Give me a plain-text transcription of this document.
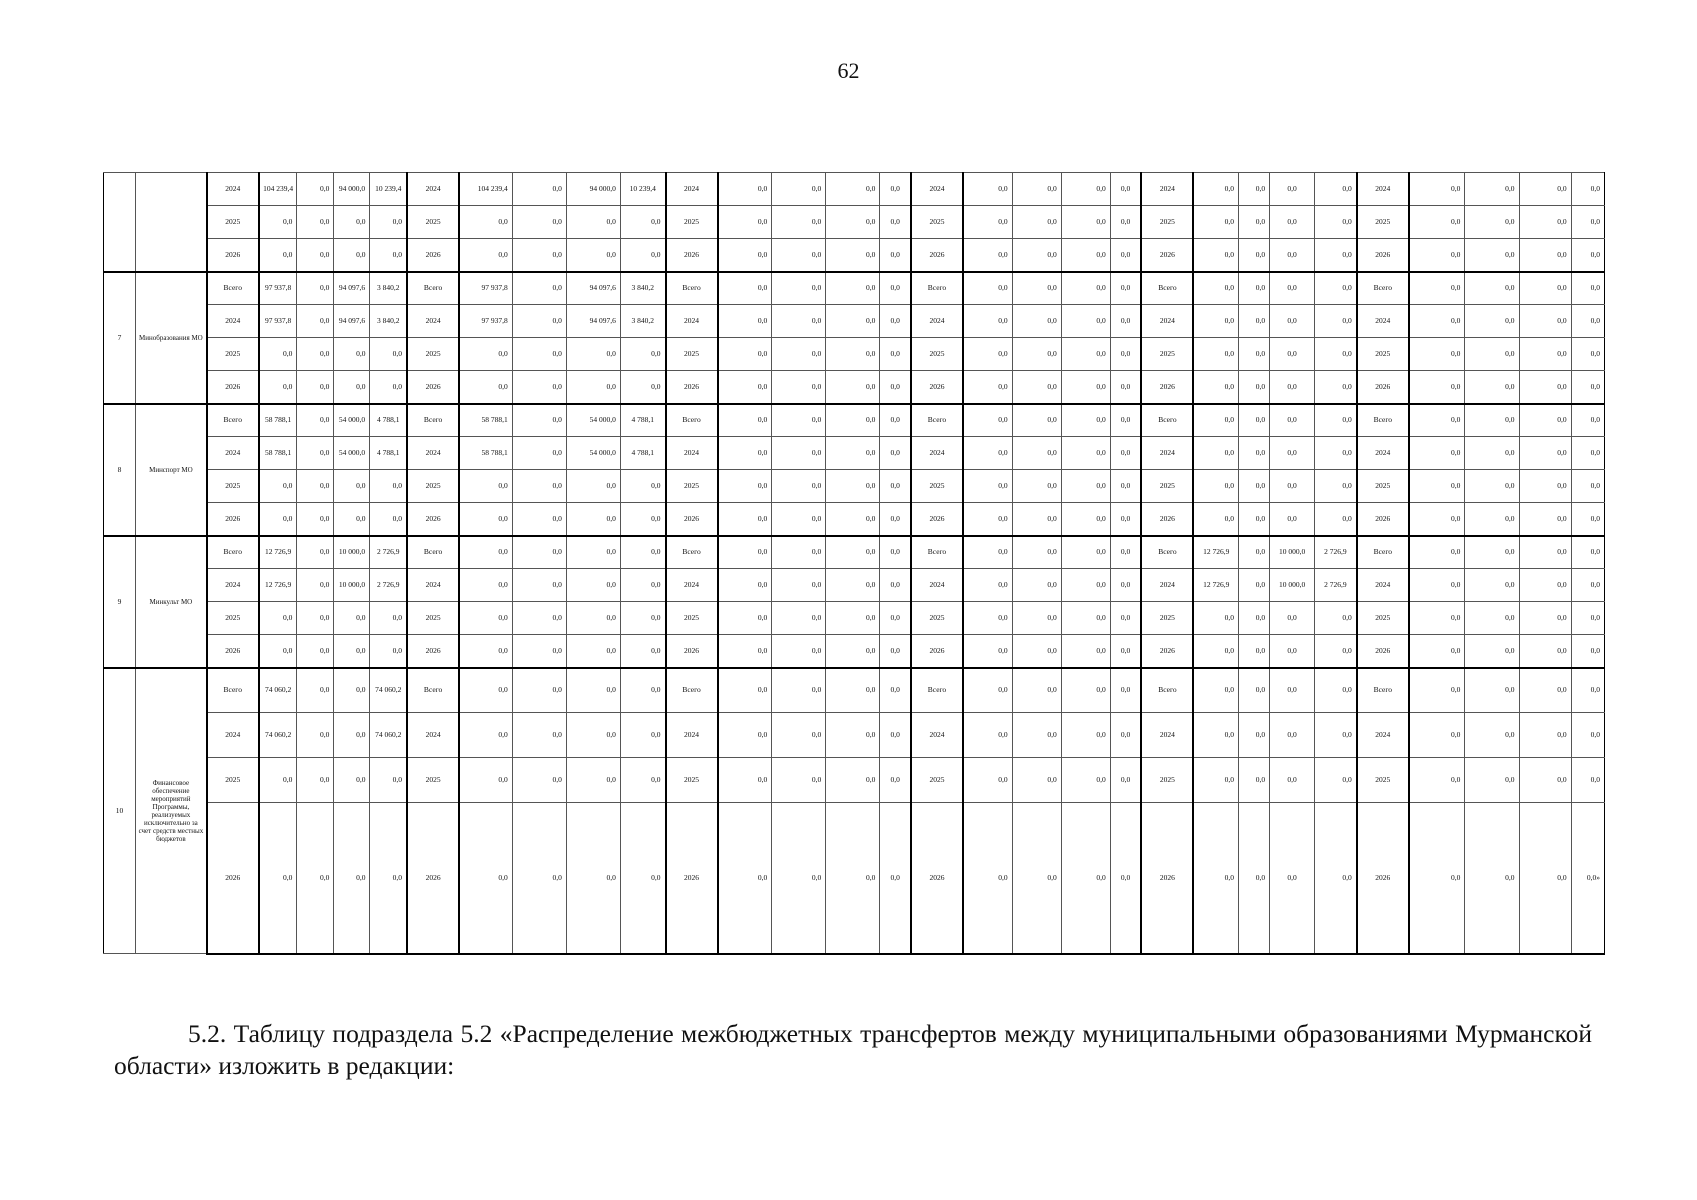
62
		2024	104 239,4	0,0	94 000,0	10 239,4	2024	104 239,4	0,0	94 000,0	10 239,4	2024	0,0	0,0	0,0	0,0	2024	0,0	0,0	0,0	0,0	2024	0,0	0,0	0,0	0,0	2024	0,0	0,0	0,0	0,0
		2025	0,0	0,0	0,0	0,0	2025	0,0	0,0	0,0	0,0	2025	0,0	0,0	0,0	0,0	2025	0,0	0,0	0,0	0,0	2025	0,0	0,0	0,0	0,0	2025	0,0	0,0	0,0	0,0
		2026	0,0	0,0	0,0	0,0	2026	0,0	0,0	0,0	0,0	2026	0,0	0,0	0,0	0,0	2026	0,0	0,0	0,0	0,0	2026	0,0	0,0	0,0	0,0	2026	0,0	0,0	0,0	0,0
7	Минобразования МО	Всего	97 937,8	0,0	94 097,6	3 840,2	Всего	97 937,8	0,0	94 097,6	3 840,2	Всего	0,0	0,0	0,0	0,0	Всего	0,0	0,0	0,0	0,0	Всего	0,0	0,0	0,0	0,0	Всего	0,0	0,0	0,0	0,0
		2024	97 937,8	0,0	94 097,6	3 840,2	2024	97 937,8	0,0	94 097,6	3 840,2	2024	0,0	0,0	0,0	0,0	2024	0,0	0,0	0,0	0,0	2024	0,0	0,0	0,0	0,0	2024	0,0	0,0	0,0	0,0
		2025	0,0	0,0	0,0	0,0	2025	0,0	0,0	0,0	0,0	2025	0,0	0,0	0,0	0,0	2025	0,0	0,0	0,0	0,0	2025	0,0	0,0	0,0	0,0	2025	0,0	0,0	0,0	0,0
		2026	0,0	0,0	0,0	0,0	2026	0,0	0,0	0,0	0,0	2026	0,0	0,0	0,0	0,0	2026	0,0	0,0	0,0	0,0	2026	0,0	0,0	0,0	0,0	2026	0,0	0,0	0,0	0,0
8	Минспорт МО	Всего	58 788,1	0,0	54 000,0	4 788,1	Всего	58 788,1	0,0	54 000,0	4 788,1	Всего	0,0	0,0	0,0	0,0	Всего	0,0	0,0	0,0	0,0	Всего	0,0	0,0	0,0	0,0	Всего	0,0	0,0	0,0	0,0
		2024	58 788,1	0,0	54 000,0	4 788,1	2024	58 788,1	0,0	54 000,0	4 788,1	2024	0,0	0,0	0,0	0,0	2024	0,0	0,0	0,0	0,0	2024	0,0	0,0	0,0	0,0	2024	0,0	0,0	0,0	0,0
		2025	0,0	0,0	0,0	0,0	2025	0,0	0,0	0,0	0,0	2025	0,0	0,0	0,0	0,0	2025	0,0	0,0	0,0	0,0	2025	0,0	0,0	0,0	0,0	2025	0,0	0,0	0,0	0,0
		2026	0,0	0,0	0,0	0,0	2026	0,0	0,0	0,0	0,0	2026	0,0	0,0	0,0	0,0	2026	0,0	0,0	0,0	0,0	2026	0,0	0,0	0,0	0,0	2026	0,0	0,0	0,0	0,0
9	Минкульт МО	Всего	12 726,9	0,0	10 000,0	2 726,9	Всего	0,0	0,0	0,0	0,0	Всего	0,0	0,0	0,0	0,0	Всего	0,0	0,0	0,0	0,0	Всего	12 726,9	0,0	10 000,0	2 726,9	Всего	0,0	0,0	0,0	0,0
		2024	12 726,9	0,0	10 000,0	2 726,9	2024	0,0	0,0	0,0	0,0	2024	0,0	0,0	0,0	0,0	2024	0,0	0,0	0,0	0,0	2024	12 726,9	0,0	10 000,0	2 726,9	2024	0,0	0,0	0,0	0,0
		2025	0,0	0,0	0,0	0,0	2025	0,0	0,0	0,0	0,0	2025	0,0	0,0	0,0	0,0	2025	0,0	0,0	0,0	0,0	2025	0,0	0,0	0,0	0,0	2025	0,0	0,0	0,0	0,0
		2026	0,0	0,0	0,0	0,0	2026	0,0	0,0	0,0	0,0	2026	0,0	0,0	0,0	0,0	2026	0,0	0,0	0,0	0,0	2026	0,0	0,0	0,0	0,0	2026	0,0	0,0	0,0	0,0
10	Финансовое обеспечение мероприятий Программы, реализуемых исключительно за счет средств местных бюджетов	Всего	74 060,2	0,0	0,0	74 060,2	Всего	0,0	0,0	0,0	0,0	Всего	0,0	0,0	0,0	0,0	Всего	0,0	0,0	0,0	0,0	Всего	0,0	0,0	0,0	0,0	Всего	0,0	0,0	0,0	0,0
		2024	74 060,2	0,0	0,0	74 060,2	2024	0,0	0,0	0,0	0,0	2024	0,0	0,0	0,0	0,0	2024	0,0	0,0	0,0	0,0	2024	0,0	0,0	0,0	0,0	2024	0,0	0,0	0,0	0,0
		2025	0,0	0,0	0,0	0,0	2025	0,0	0,0	0,0	0,0	2025	0,0	0,0	0,0	0,0	2025	0,0	0,0	0,0	0,0	2025	0,0	0,0	0,0	0,0	2025	0,0	0,0	0,0	0,0
		2026	0,0	0,0	0,0	0,0	2026	0,0	0,0	0,0	0,0	2026	0,0	0,0	0,0	0,0	2026	0,0	0,0	0,0	0,0	2026	0,0	0,0	0,0	0,0	2026	0,0	0,0	0,0	0,0»
5.2. Таблицу подраздела 5.2 «Распределение межбюджетных трансфертов между муниципальными образованиями Мурманской области» изложить в редакции:
